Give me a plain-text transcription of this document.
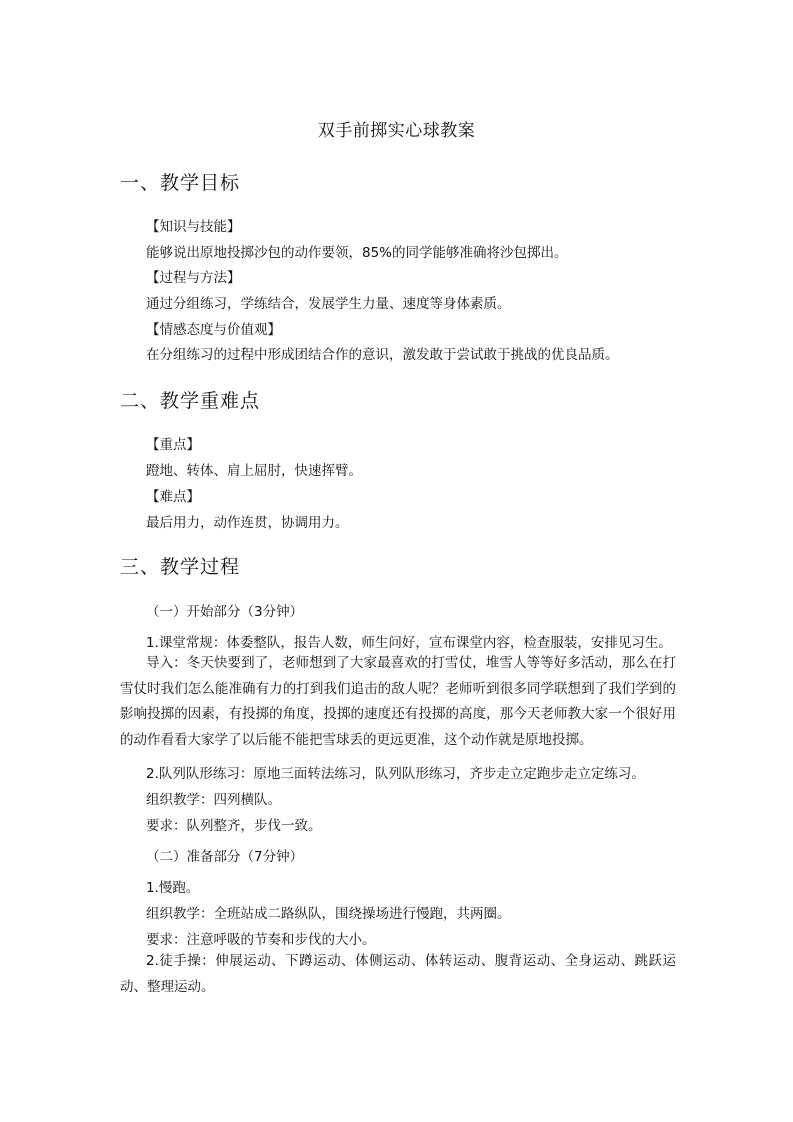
双手前掷实心球教案
一、教学目标
【知识与技能】
能够说出原地投掷沙包的动作要领，85%的同学能够准确将沙包掷出。
【过程与方法】
通过分组练习，学练结合，发展学生力量、速度等身体素质。
【情感态度与价值观】
在分组练习的过程中形成团结合作的意识，激发敢于尝试敢于挑战的优良品质。
二、教学重难点
【重点】
蹬地、转体、肩上屈肘，快速挥臂。
【难点】
最后用力，动作连贯，协调用力。
三、教学过程
（一）开始部分（3分钟）
1.课堂常规：体委整队，报告人数，师生问好，宣布课堂内容，检查服装，安排见习生。
导入：冬天快要到了，老师想到了大家最喜欢的打雪仗，堆雪人等等好多活动，那么在打雪仗时我们怎么能准确有力的打到我们追击的敌人呢？老师听到很多同学联想到了我们学到的影响投掷的因素，有投掷的角度，投掷的速度还有投掷的高度，那今天老师教大家一个很好用的动作看看大家学了以后能不能把雪球丢的更远更准，这个动作就是原地投掷。
2.队列队形练习：原地三面转法练习，队列队形练习，齐步走立定跑步走立定练习。
组织教学：四列横队。
要求：队列整齐，步伐一致。
（二）准备部分（7分钟）
1.慢跑。
组织教学：全班站成二路纵队，围绕操场进行慢跑，共两圈。
要求：注意呼吸的节奏和步伐的大小。
2.徒手操：伸展运动、下蹲运动、体侧运动、体转运动、腹背运动、全身运动、跳跃运动、整理运动。
